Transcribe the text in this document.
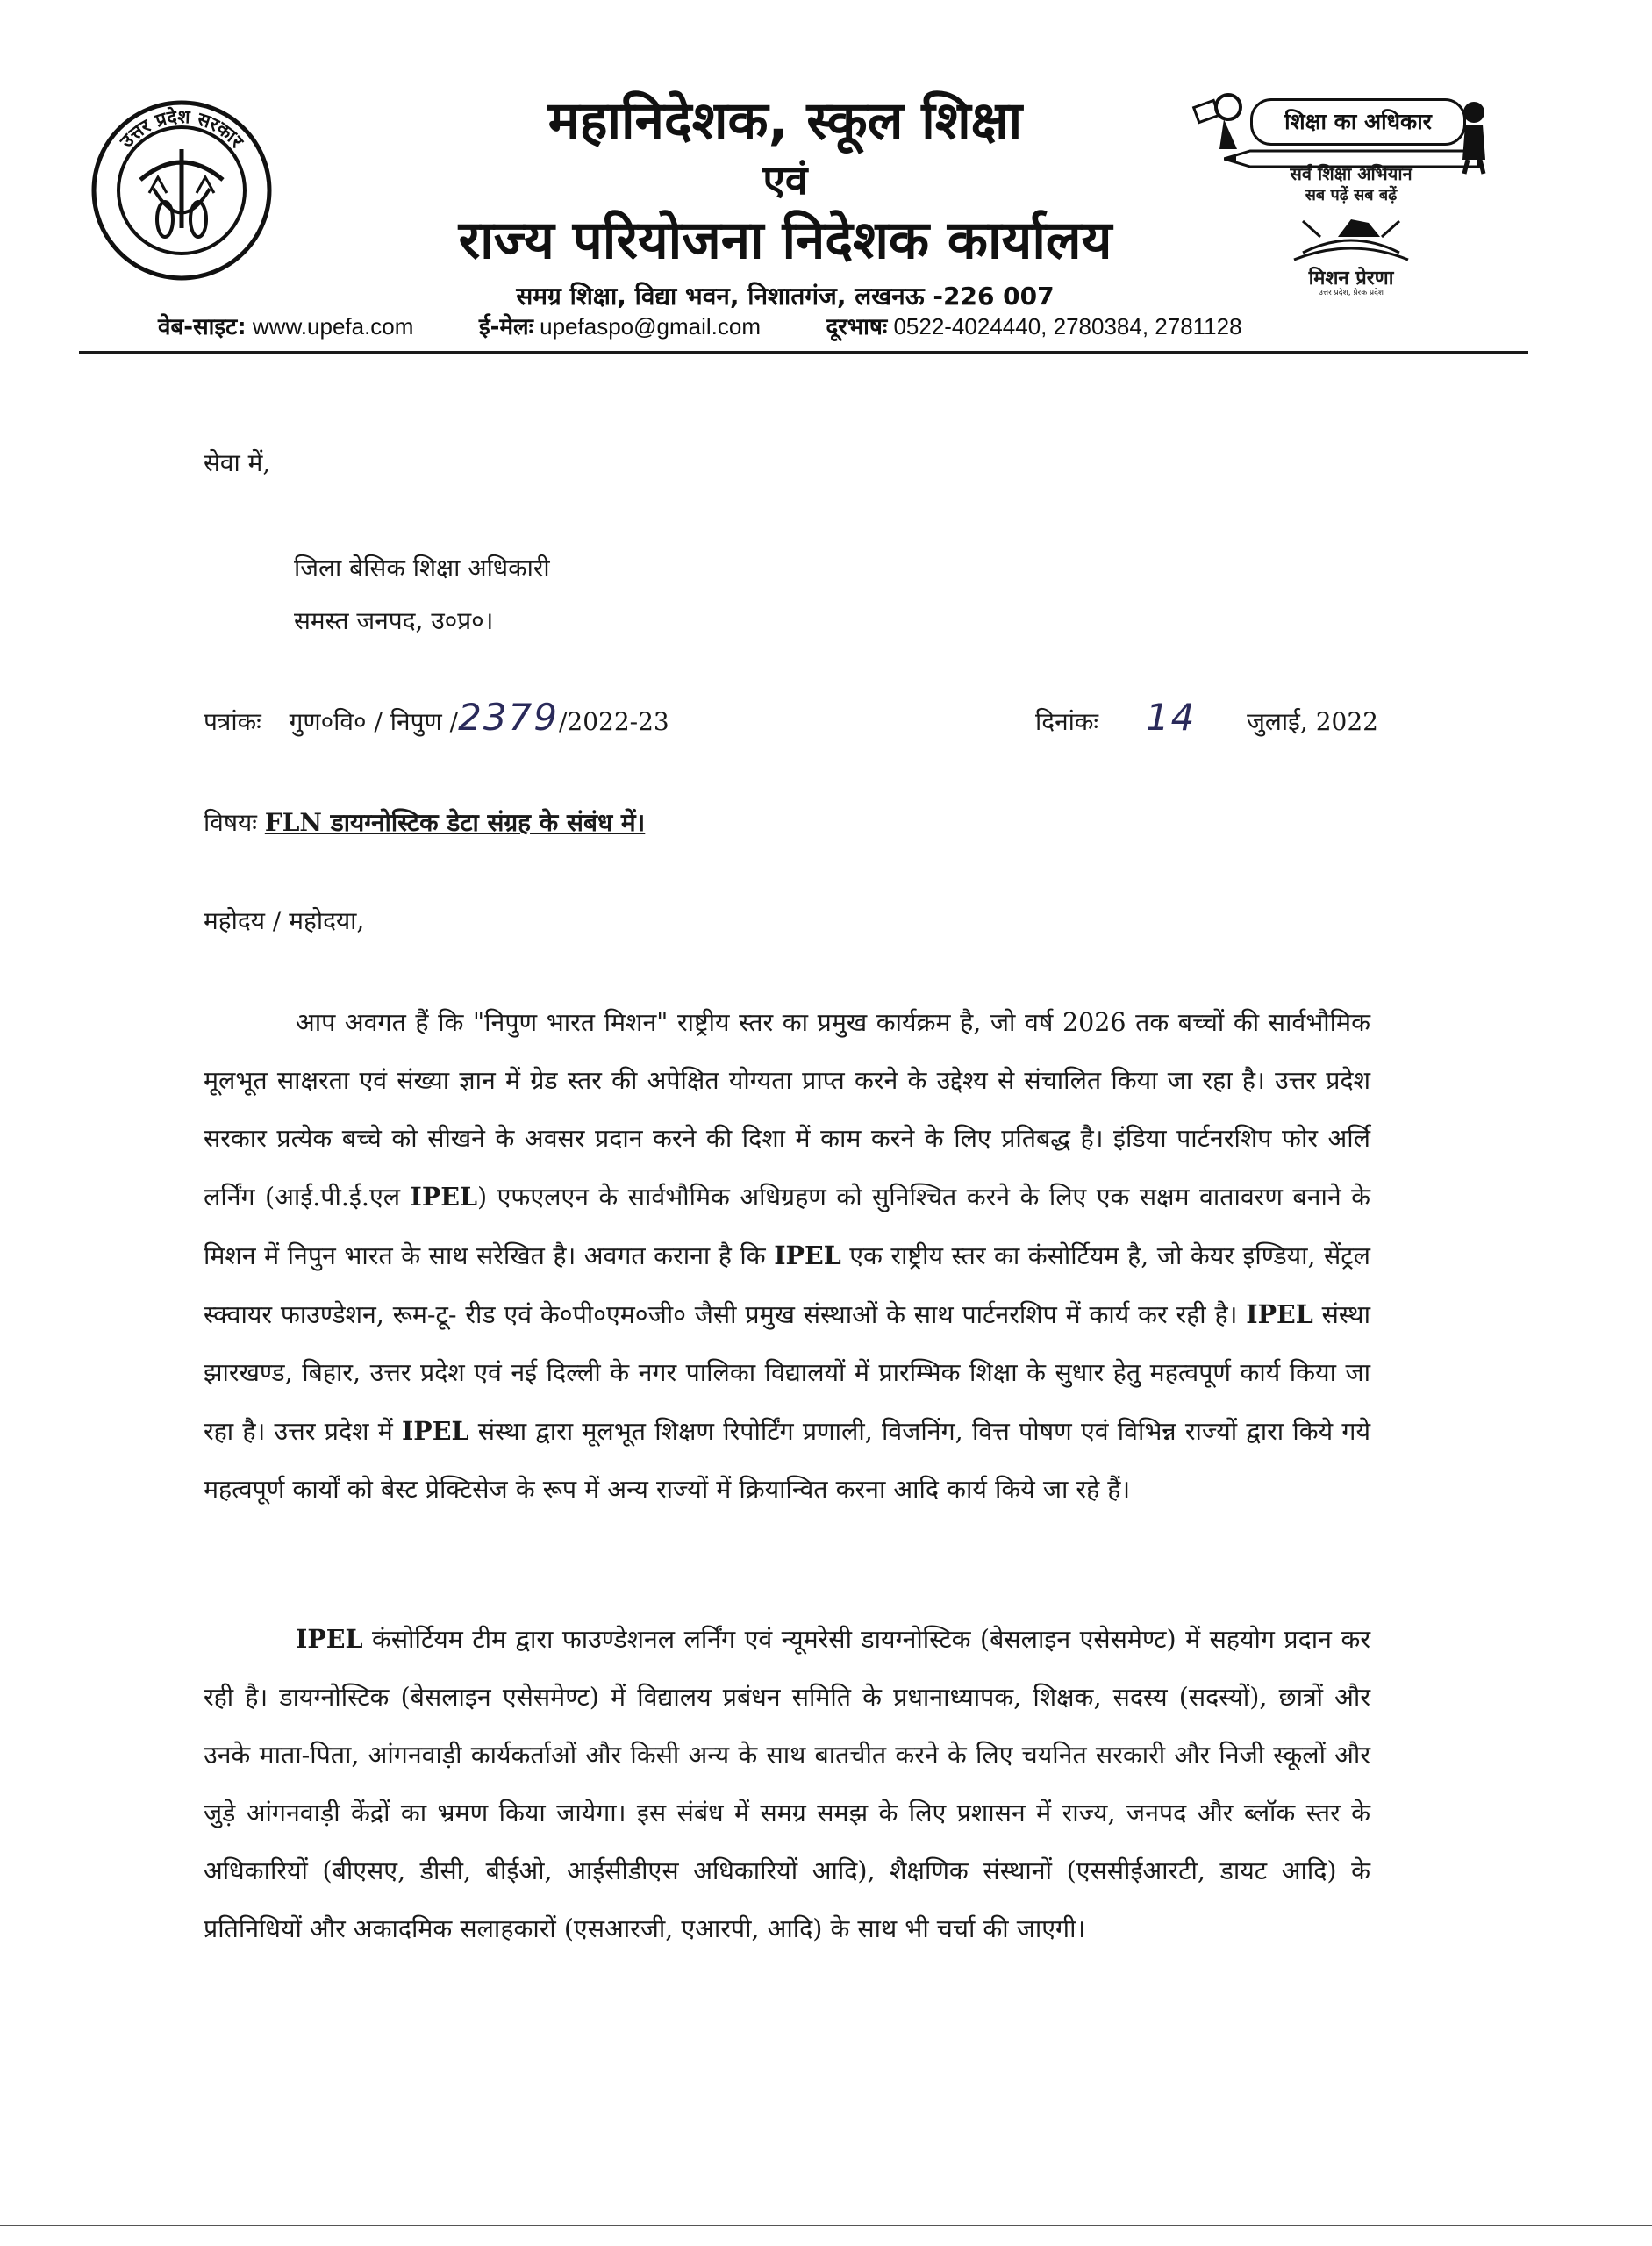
उत्तर प्रदेश सरकार	महानिदेशक, स्कूल शिक्षा
एवं
राज्य परियोजना निदेशक कार्यालय
समग्र शिक्षा, विद्या भवन, निशातगंज, लखनऊ -226 007
शिक्षा का अधिकार
सर्व शिक्षा अभियान
सब पढ़ें सब बढ़ें
मिशन प्रेरणा
उत्तर प्रदेश, प्रेरक प्रदेश
वेब-साइट: www.upefa.com	ई-मेलः upefaspo@gmail.com	दूरभाषः 0522-4024440, 2780384, 2781128
सेवा में,
जिला बेसिक शिक्षा अधिकारी
समस्त जनपद, उ०प्र०।
पत्रांकः गुण०वि० / निपुण /2379/2022-23	दिनांकः 14 जुलाई, 2022
विषयः FLN डायग्नोस्टिक डेटा संग्रह के संबंध में।
महोदय / महोदया,
आप अवगत हैं कि "निपुण भारत मिशन" राष्ट्रीय स्तर का प्रमुख कार्यक्रम है, जो वर्ष 2026 तक बच्चों की सार्वभौमिक मूलभूत साक्षरता एवं संख्या ज्ञान में ग्रेड स्तर की अपेक्षित योग्यता प्राप्त करने के उद्देश्य से संचालित किया जा रहा है। उत्तर प्रदेश सरकार प्रत्येक बच्चे को सीखने के अवसर प्रदान करने की दिशा में काम करने के लिए प्रतिबद्ध है। इंडिया पार्टनरशिप फोर अर्लि लर्निंग (आई.पी.ई.एल IPEL) एफएलएन के सार्वभौमिक अधिग्रहण को सुनिश्चित करने के लिए एक सक्षम वातावरण बनाने के मिशन में निपुन भारत के साथ सरेखित है। अवगत कराना है कि IPEL एक राष्ट्रीय स्तर का कंसोर्टियम है, जो केयर इण्डिया, सेंट्रल स्क्वायर फाउण्डेशन, रूम-टू- रीड एवं के०पी०एम०जी० जैसी प्रमुख संस्थाओं के साथ पार्टनरशिप में कार्य कर रही है। IPEL संस्था झारखण्ड, बिहार, उत्तर प्रदेश एवं नई दिल्ली के नगर पालिका विद्यालयों में प्रारम्भिक शिक्षा के सुधार हेतु महत्वपूर्ण कार्य किया जा रहा है। उत्तर प्रदेश में IPEL संस्था द्वारा मूलभूत शिक्षण रिपोर्टिंग प्रणाली, विजनिंग, वित्त पोषण एवं विभिन्न राज्यों द्वारा किये गये महत्वपूर्ण कार्यों को बेस्ट प्रेक्टिसेज के रूप में अन्य राज्यों में क्रियान्वित करना आदि कार्य किये जा रहे हैं।
IPEL कंसोर्टियम टीम द्वारा फाउण्डेशनल लर्निंग एवं न्यूमरेसी डायग्नोस्टिक (बेसलाइन एसेसमेण्ट) में सहयोग प्रदान कर रही है। डायग्नोस्टिक (बेसलाइन एसेसमेण्ट) में विद्यालय प्रबंधन समिति के प्रधानाध्यापक, शिक्षक, सदस्य (सदस्यों), छात्रों और उनके माता-पिता, आंगनवाड़ी कार्यकर्ताओं और किसी अन्य के साथ बातचीत करने के लिए चयनित सरकारी और निजी स्कूलों और जुड़े आंगनवाड़ी केंद्रों का भ्रमण किया जायेगा। इस संबंध में समग्र समझ के लिए प्रशासन में राज्य, जनपद और ब्लॉक स्तर के अधिकारियों (बीएसए, डीसी, बीईओ, आईसीडीएस अधिकारियों आदि), शैक्षणिक संस्थानों (एससीईआरटी, डायट आदि) के प्रतिनिधियों और अकादमिक सलाहकारों (एसआरजी, एआरपी, आदि) के साथ भी चर्चा की जाएगी।
